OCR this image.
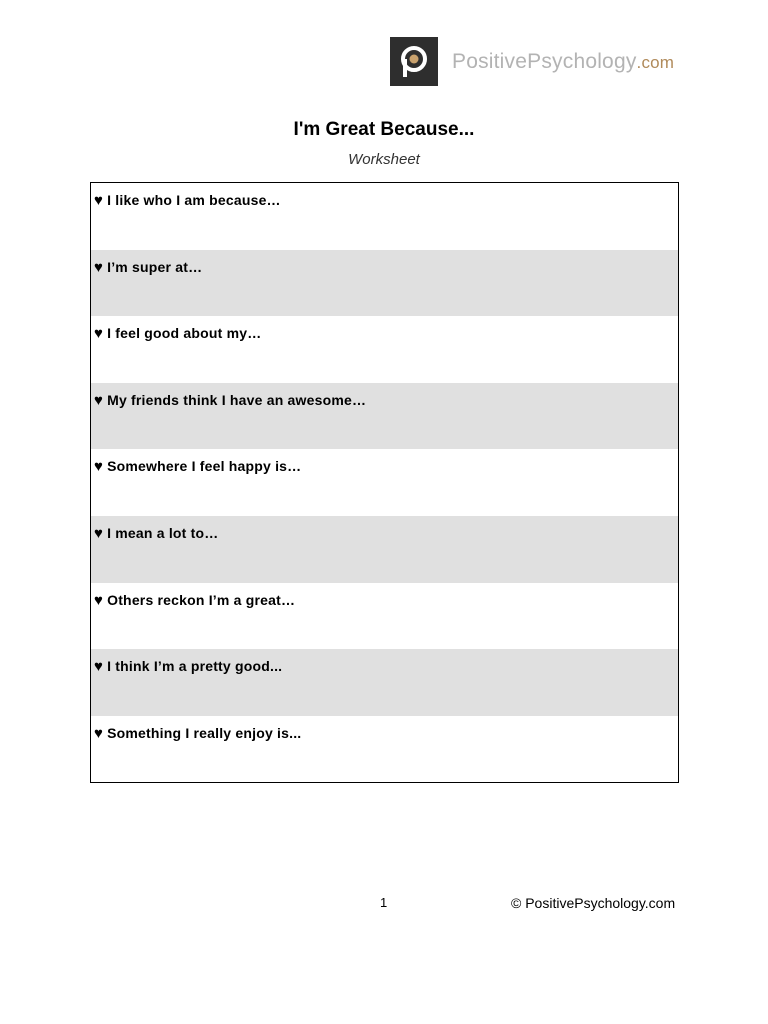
PositivePsychology.com
I'm Great Because...
Worksheet
♥ I like who I am because…
♥ I’m super at…
♥ I feel good about my…
♥ My friends think I have an awesome…
♥ Somewhere I feel happy is…
♥ I mean a lot to…
♥ Others reckon I’m a great…
♥ I think I’m a pretty good...
♥ Something I really enjoy is...
1	© PositivePsychology.com
